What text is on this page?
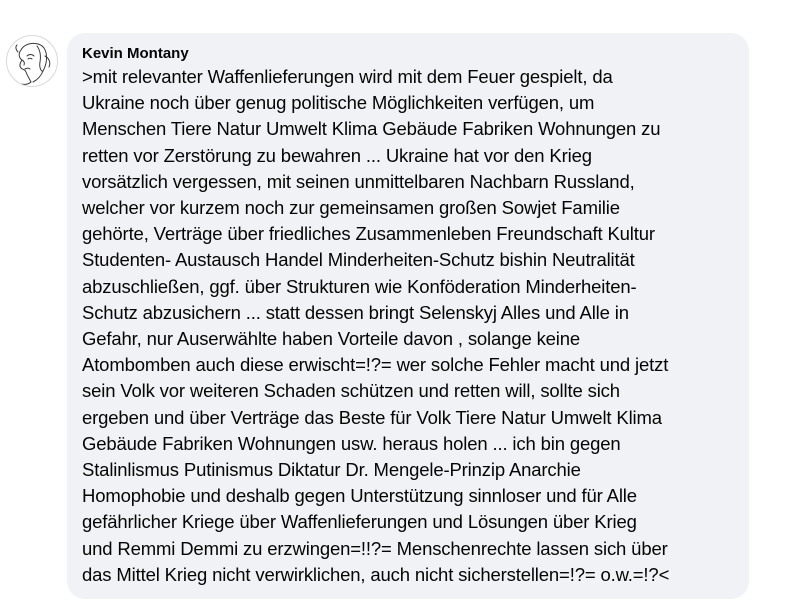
Kevin Montany
>mit relevanter Waffenlieferungen wird mit dem Feuer gespielt, da
Ukraine noch über genug politische Möglichkeiten verfügen, um
Menschen Tiere Natur Umwelt Klima Gebäude Fabriken Wohnungen zu
retten vor Zerstörung zu bewahren ... Ukraine hat vor den Krieg
vorsätzlich vergessen, mit seinen unmittelbaren Nachbarn Russland,
welcher vor kurzem noch zur gemeinsamen großen Sowjet Familie
gehörte, Verträge über friedliches Zusammenleben Freundschaft Kultur
Studenten- Austausch Handel Minderheiten-Schutz bishin Neutralität
abzuschließen, ggf. über Strukturen wie Konföderation Minderheiten-
Schutz abzusichern ... statt dessen bringt Selenskyj Alles und Alle in
Gefahr, nur Auserwählte haben Vorteile davon , solange keine
Atombomben auch diese erwischt=!?= wer solche Fehler macht und jetzt
sein Volk vor weiteren Schaden schützen und retten will, sollte sich
ergeben und über Verträge das Beste für Volk Tiere Natur Umwelt Klima
Gebäude Fabriken Wohnungen usw. heraus holen ... ich bin gegen
Stalinlismus Putinismus Diktatur Dr. Mengele-Prinzip Anarchie
Homophobie und deshalb gegen Unterstützung sinnloser und für Alle
gefährlicher Kriege über Waffenlieferungen und Lösungen über Krieg
und Remmi Demmi zu erzwingen=!!?= Menschenrechte lassen sich über
das Mittel Krieg nicht verwirklichen, auch nicht sicherstellen=!?= o.w.=!?<
